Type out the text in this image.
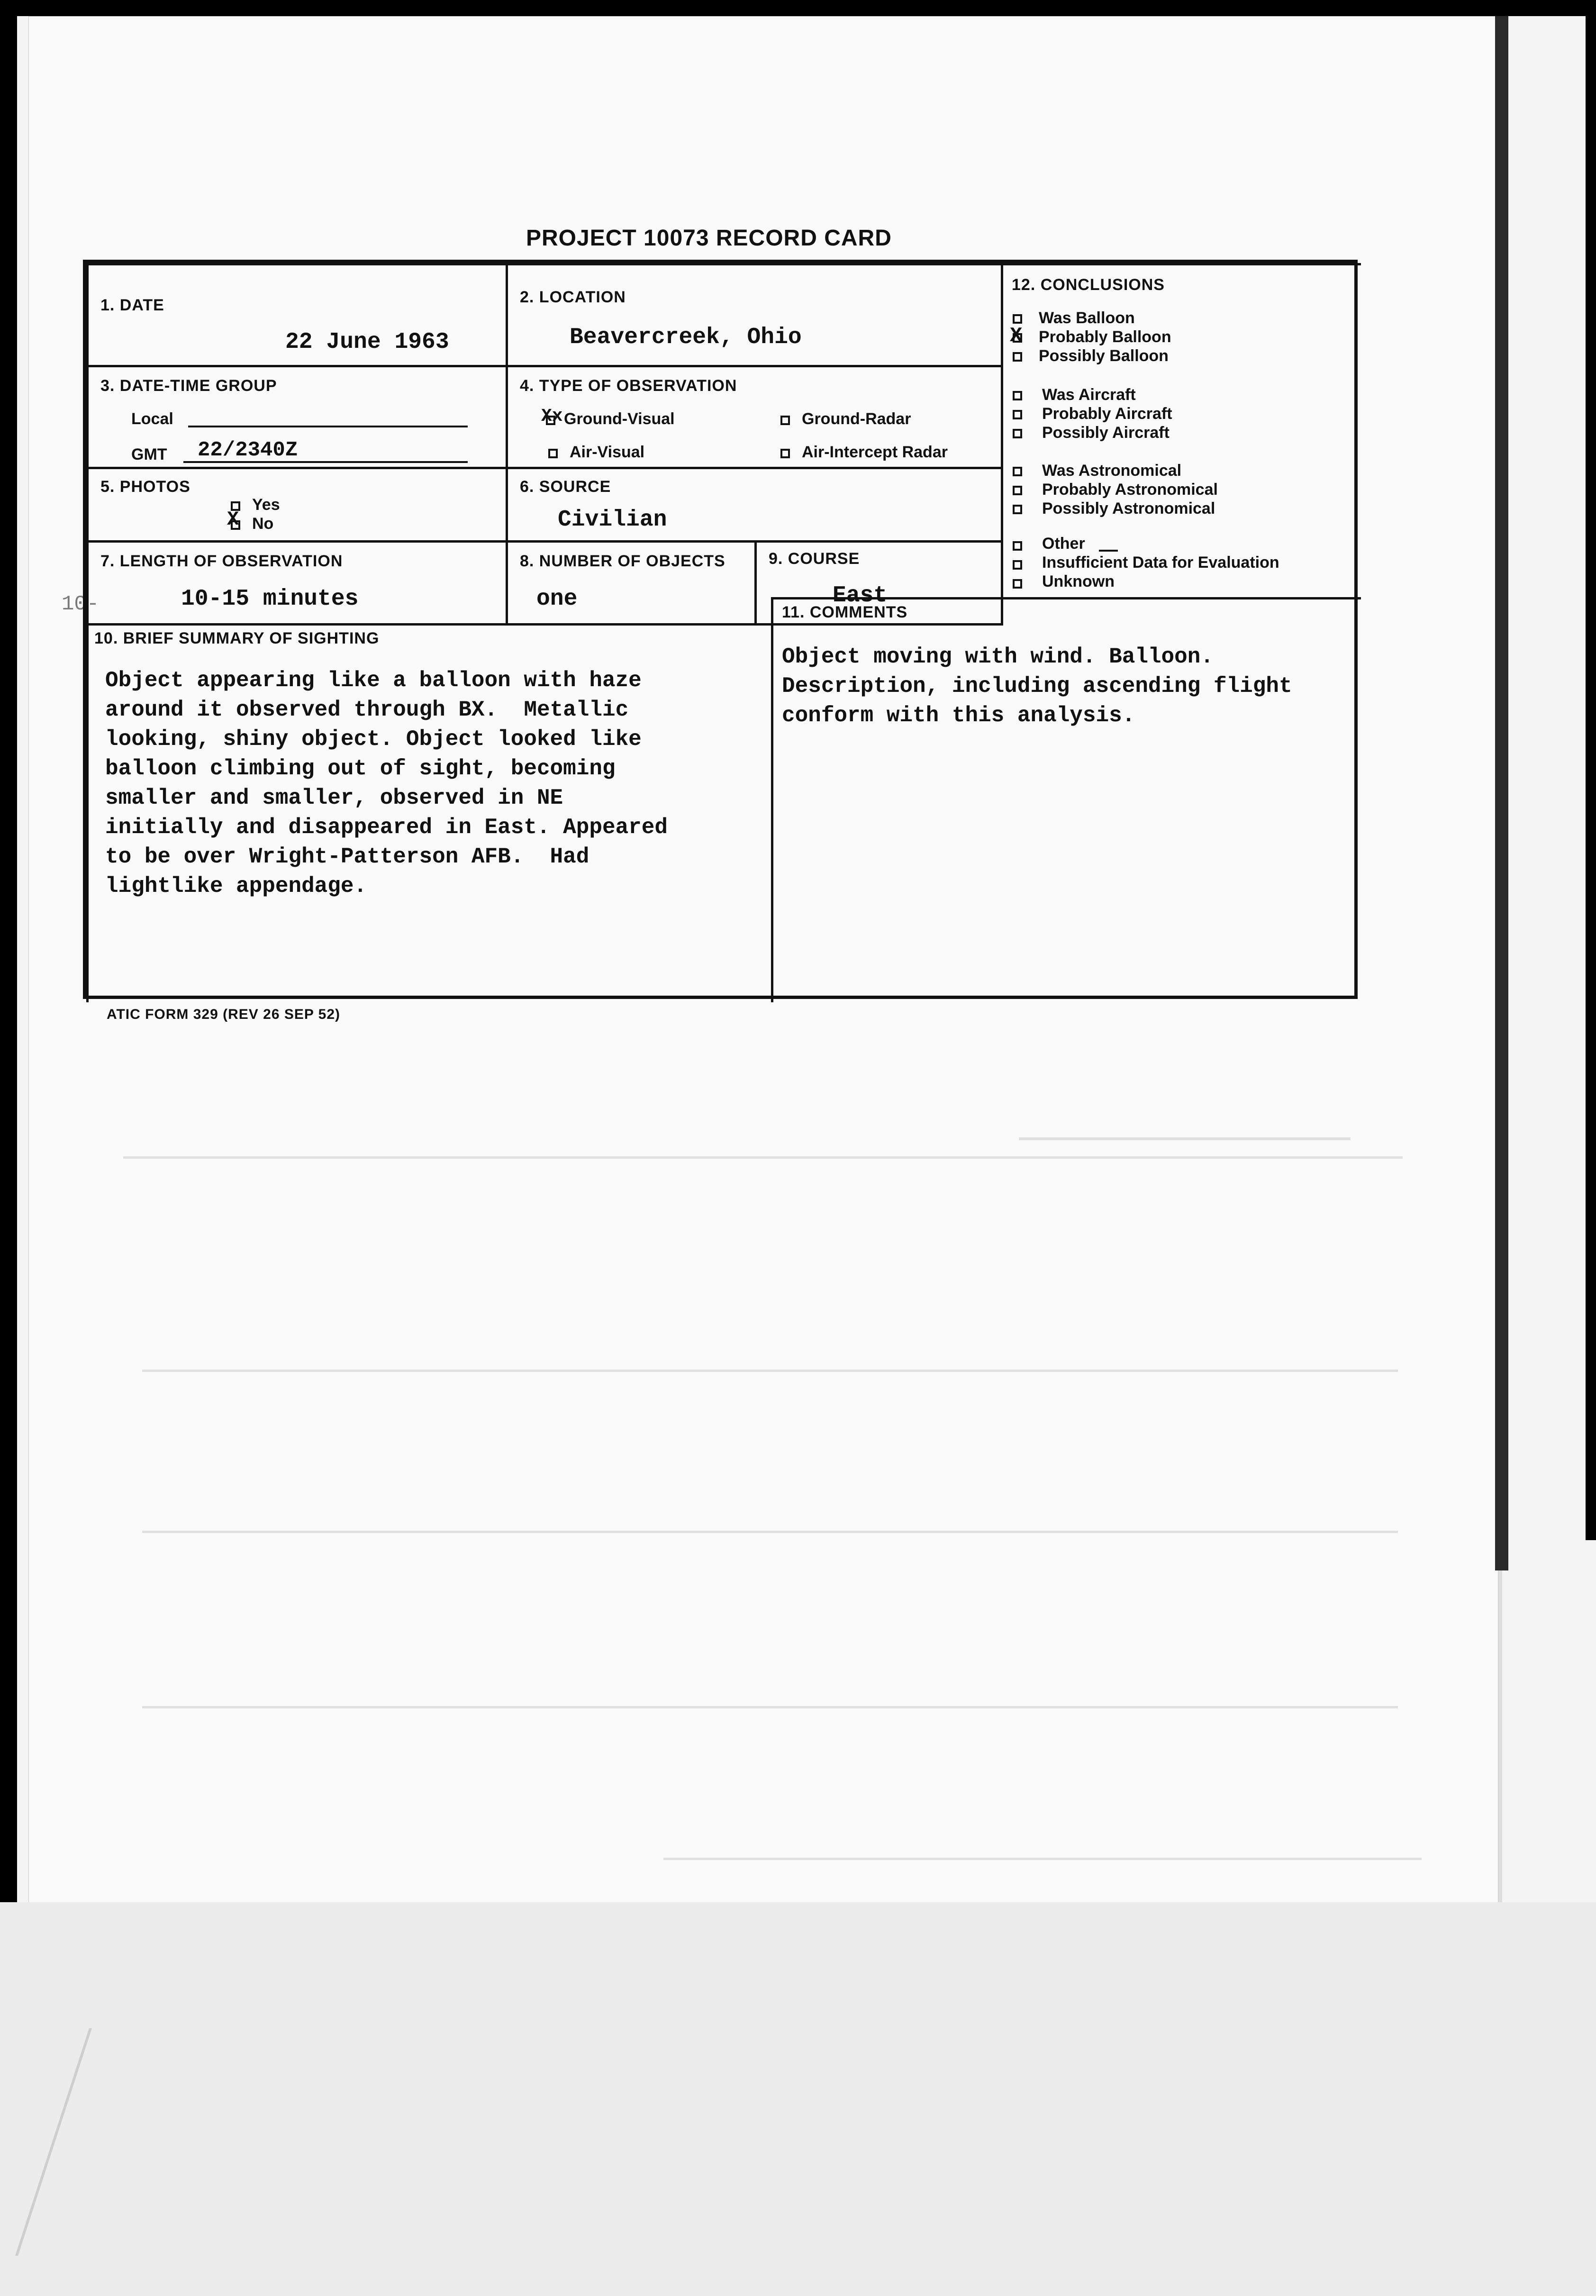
PROJECT 10073 RECORD CARD
1. DATE
22 June 1963
2. LOCATION
Beavercreek, Ohio
12. CONCLUSIONS
Was Balloon
X Probably Balloon
Possibly Balloon
Was Aircraft
Probably Aircraft
Possibly Aircraft
Was Astronomical
Probably Astronomical
Possibly Astronomical
Other
Insufficient Data for Evaluation
Unknown
3. DATE-TIME GROUP
Local
GMT 22/2340Z
4. TYPE OF OBSERVATION
Xx Ground-Visual	Ground-Radar
Air-Visual	Air-Intercept Radar
5. PHOTOS
Yes
X No
6. SOURCE
Civilian
7. LENGTH OF OBSERVATION
10-15 minutes
8. NUMBER OF OBJECTS
one
9. COURSE
East
10. BRIEF SUMMARY OF SIGHTING
Object appearing like a balloon with haze
around it observed through BX.  Metallic
looking, shiny object. Object looked like
balloon climbing out of sight, becoming
smaller and smaller, observed in NE
initially and disappeared in East. Appeared
to be over Wright-Patterson AFB.  Had
lightlike appendage.
11. COMMENTS
Object moving with wind. Balloon.
Description, including ascending flight
conform with this analysis.
10-
ATIC FORM 329 (REV 26 SEP 52)
